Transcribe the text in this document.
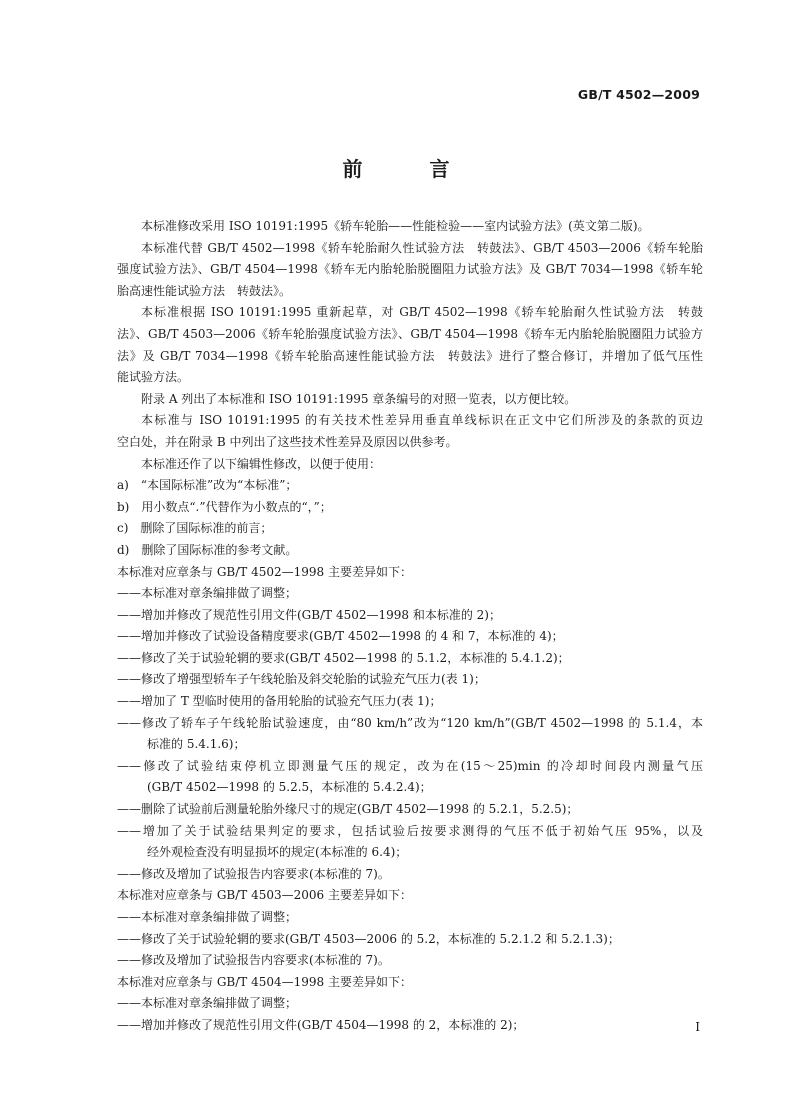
GB/T 4502—2009
前 言
本标准修改采用 ISO 10191:1995《轿车轮胎——性能检验——室内试验方法》(英文第二版)。
本标准代替 GB/T 4502—1998《轿车轮胎耐久性试验方法　转鼓法》、GB/T 4503—2006《轿车轮胎
强度试验方法》、GB/T 4504—1998《轿车无内胎轮胎脱圈阻力试验方法》及 GB/T 7034—1998《轿车轮
胎高速性能试验方法　转鼓法》。
本标准根据 ISO 10191:1995 重新起草，对 GB/T 4502—1998《轿车轮胎耐久性试验方法　转鼓
法》、GB/T 4503—2006《轿车轮胎强度试验方法》、GB/T 4504—1998《轿车无内胎轮胎脱圈阻力试验方
法》及 GB/T 7034—1998《轿车轮胎高速性能试验方法　转鼓法》进行了整合修订，并增加了低气压性
能试验方法。
附录 A 列出了本标准和 ISO 10191:1995 章条编号的对照一览表，以方便比较。
本标准与 ISO 10191:1995 的有关技术性差异用垂直单线标识在正文中它们所涉及的条款的页边
空白处，并在附录 B 中列出了这些技术性差异及原因以供参考。
本标准还作了以下编辑性修改，以便于使用：
a)　“本国际标准”改为“本标准”；
b)　用小数点“.”代替作为小数点的“，”；
c)　删除了国际标准的前言；
d)　删除了国际标准的参考文献。
本标准对应章条与 GB/T 4502—1998 主要差异如下：
——本标准对章条编排做了调整；
——增加并修改了规范性引用文件(GB/T 4502—1998 和本标准的 2)；
——增加并修改了试验设备精度要求(GB/T 4502—1998 的 4 和 7，本标准的 4)；
——修改了关于试验轮辋的要求(GB/T 4502—1998 的 5.1.2，本标准的 5.4.1.2)；
——修改了增强型轿车子午线轮胎及斜交轮胎的试验充气压力(表 1)；
——增加了 T 型临时使用的备用轮胎的试验充气压力(表 1)；
——修改了轿车子午线轮胎试验速度，由“80 km/h”改为“120 km/h”(GB/T 4502—1998 的 5.1.4，本
标准的 5.4.1.6)；
——修改了试验结束停机立即测量气压的规定，改为在(15～25)min 的冷却时间段内测量气压
(GB/T 4502—1998 的 5.2.5，本标准的 5.4.2.4)；
——删除了试验前后测量轮胎外缘尺寸的规定(GB/T 4502—1998 的 5.2.1，5.2.5)；
——增加了关于试验结果判定的要求，包括试验后按要求测得的气压不低于初始气压 95%，以及
经外观检查没有明显损坏的规定(本标准的 6.4)；
——修改及增加了试验报告内容要求(本标准的 7)。
本标准对应章条与 GB/T 4503—2006 主要差异如下：
——本标准对章条编排做了调整；
——修改了关于试验轮辋的要求(GB/T 4503—2006 的 5.2，本标准的 5.2.1.2 和 5.2.1.3)；
——修改及增加了试验报告内容要求(本标准的 7)。
本标准对应章条与 GB/T 4504—1998 主要差异如下：
——本标准对章条编排做了调整；
——增加并修改了规范性引用文件(GB/T 4504—1998 的 2，本标准的 2)；	I
